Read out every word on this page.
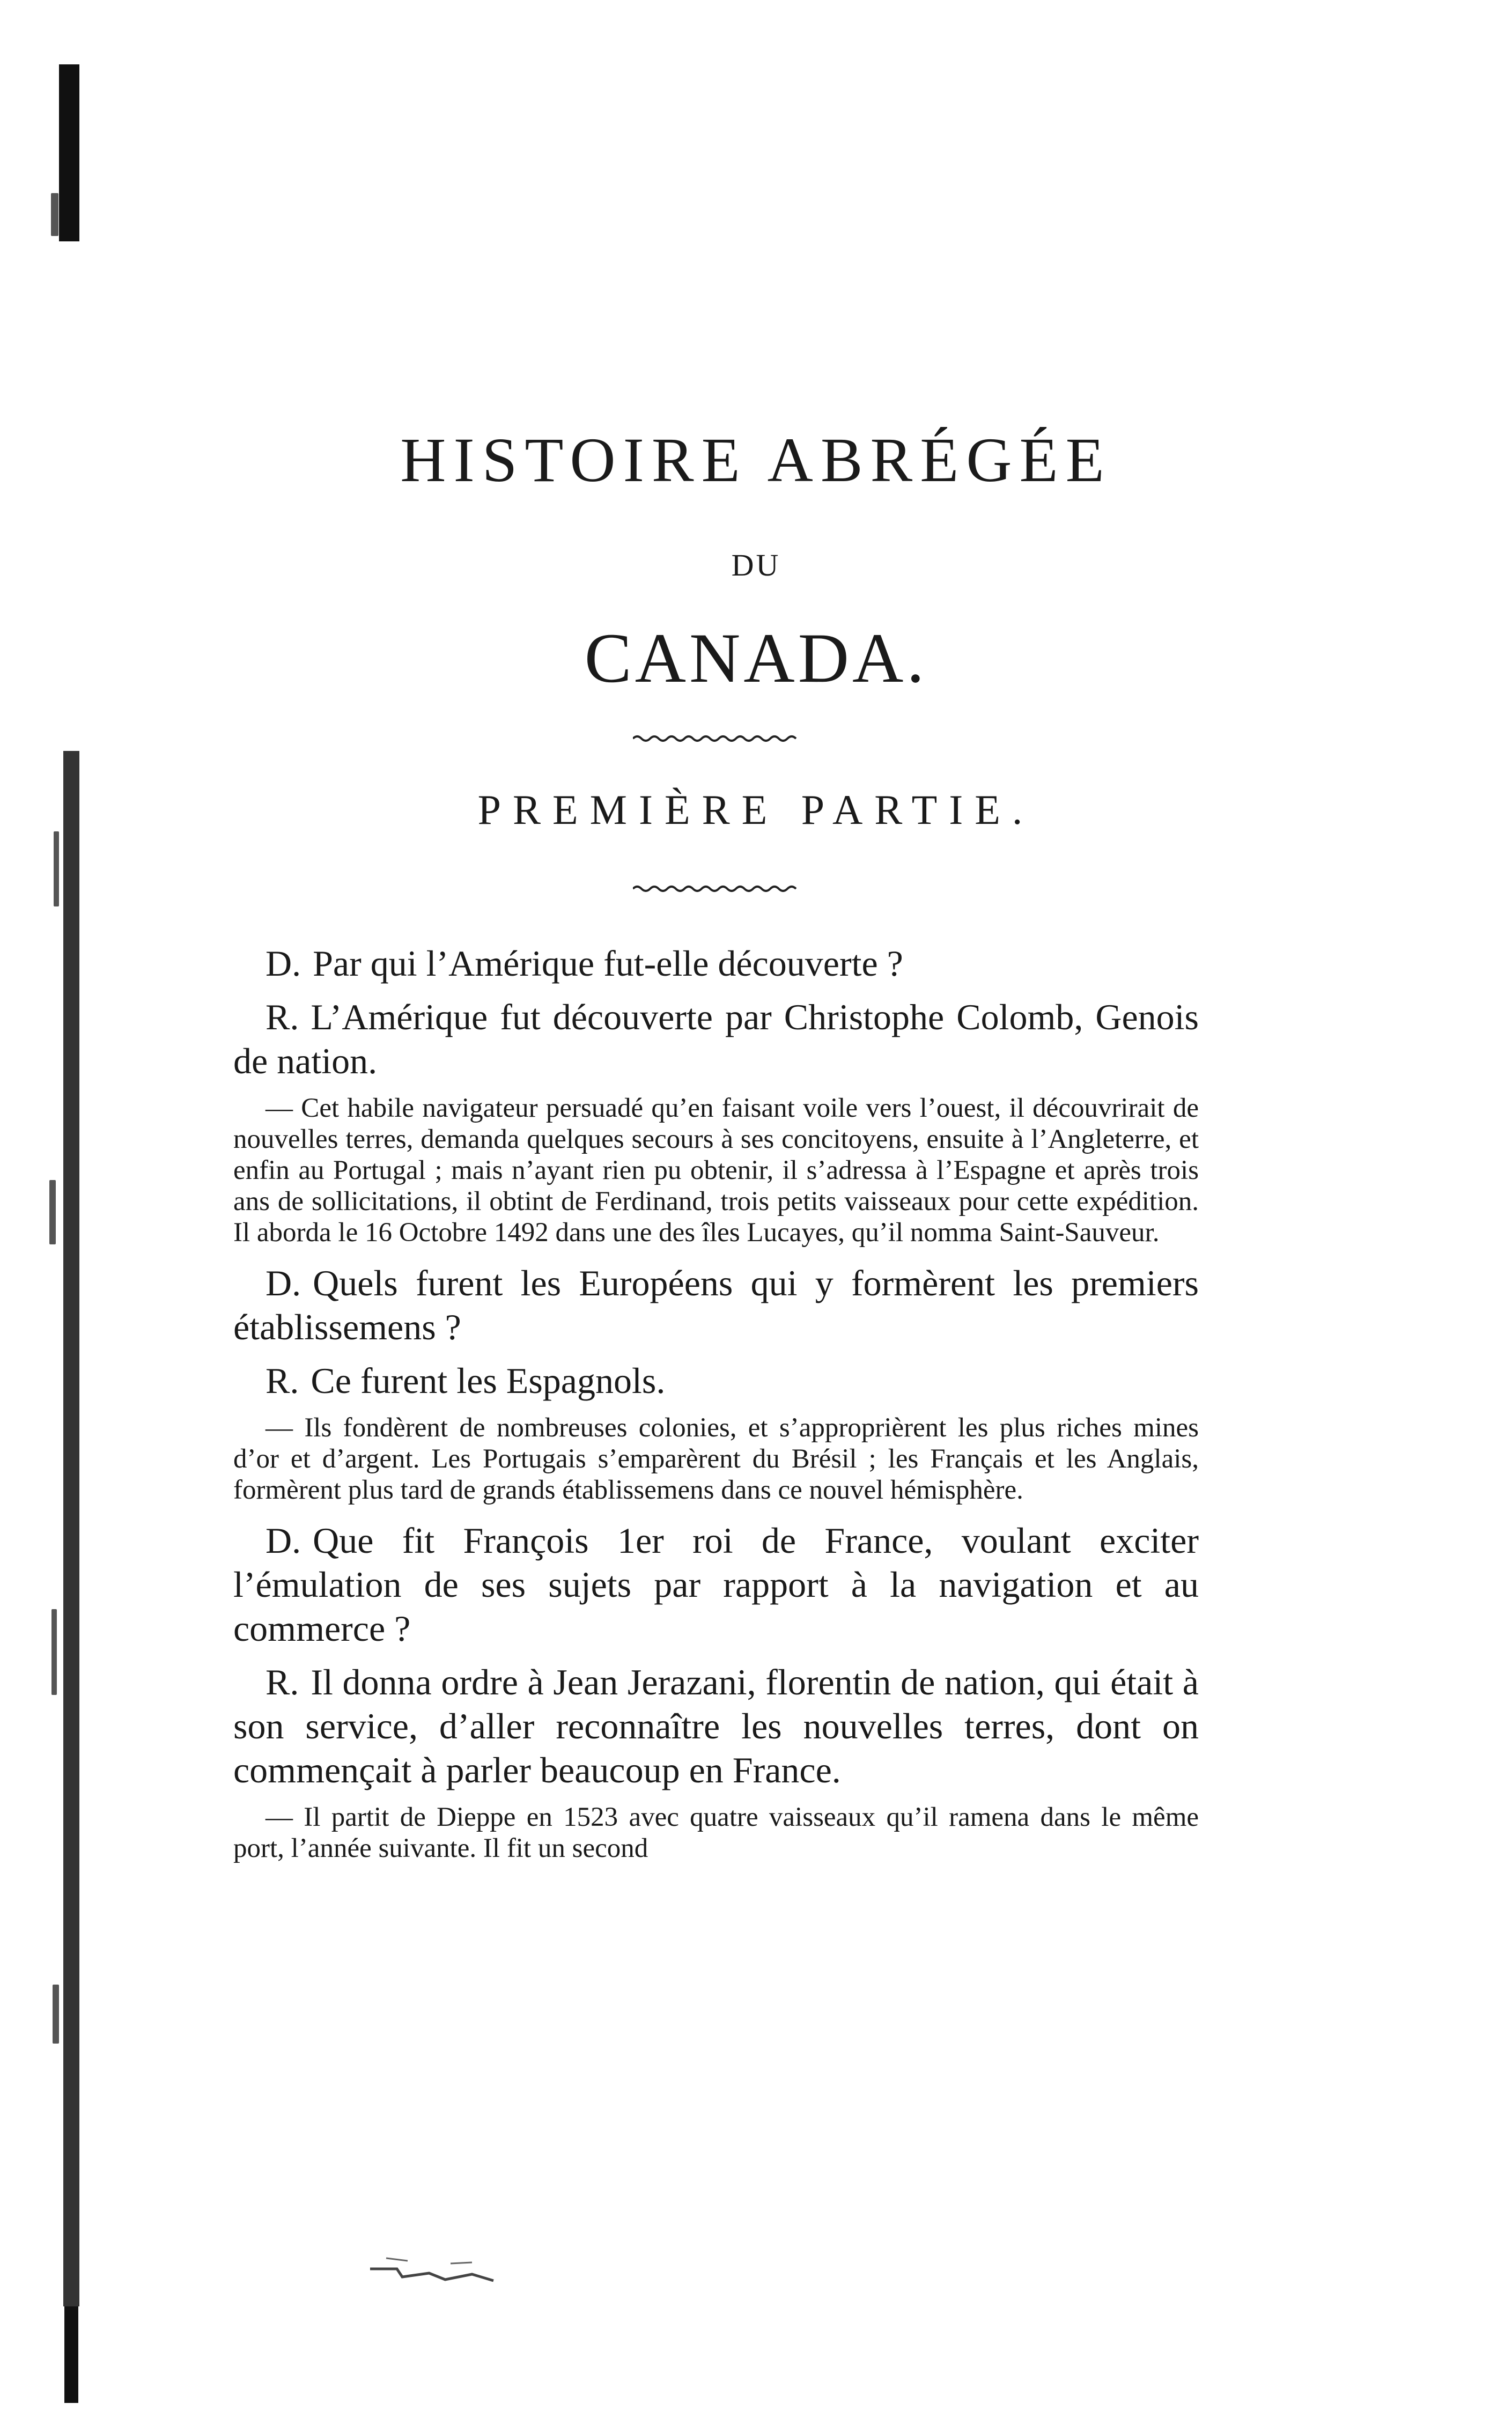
HISTOIRE ABRÉGÉE
DU
CANADA.
PREMIÈRE PARTIE.

D. Par qui l’Amérique fut-elle découverte ?

R. L’Amérique fut découverte par Christophe Colomb, Genois de nation.

— Cet habile navigateur persuadé qu’en faisant voile vers l’ouest, il découvrirait de nouvelles terres, demanda quelques secours à ses concitoyens, ensuite à l’Angleterre, et enfin au Portugal ; mais n’ayant rien pu obtenir, il s’adressa à l’Espagne et après trois ans de sollicitations, il obtint de Ferdinand, trois petits vaisseaux pour cette expédition. Il aborda le 16 Octobre 1492 dans une des îles Lucayes, qu’il nomma Saint-Sauveur.

D. Quels furent les Européens qui y formèrent les premiers établissemens ?

R. Ce furent les Espagnols.

— Ils fondèrent de nombreuses colonies, et s’approprièrent les plus riches mines d’or et d’argent. Les Portugais s’emparèrent du Brésil ; les Français et les Anglais, formèrent plus tard de grands établissemens dans ce nouvel hémisphère.

D. Que fit François 1er roi de France, voulant exciter l’émulation de ses sujets par rapport à la navigation et au commerce ?

R. Il donna ordre à Jean Jerazani, florentin de nation, qui était à son service, d’aller reconnaître les nouvelles terres, dont on commençait à parler beaucoup en France.

— Il partit de Dieppe en 1523 avec quatre vaisseaux qu’il ramena dans le même port, l’année suivante. Il fit un second
